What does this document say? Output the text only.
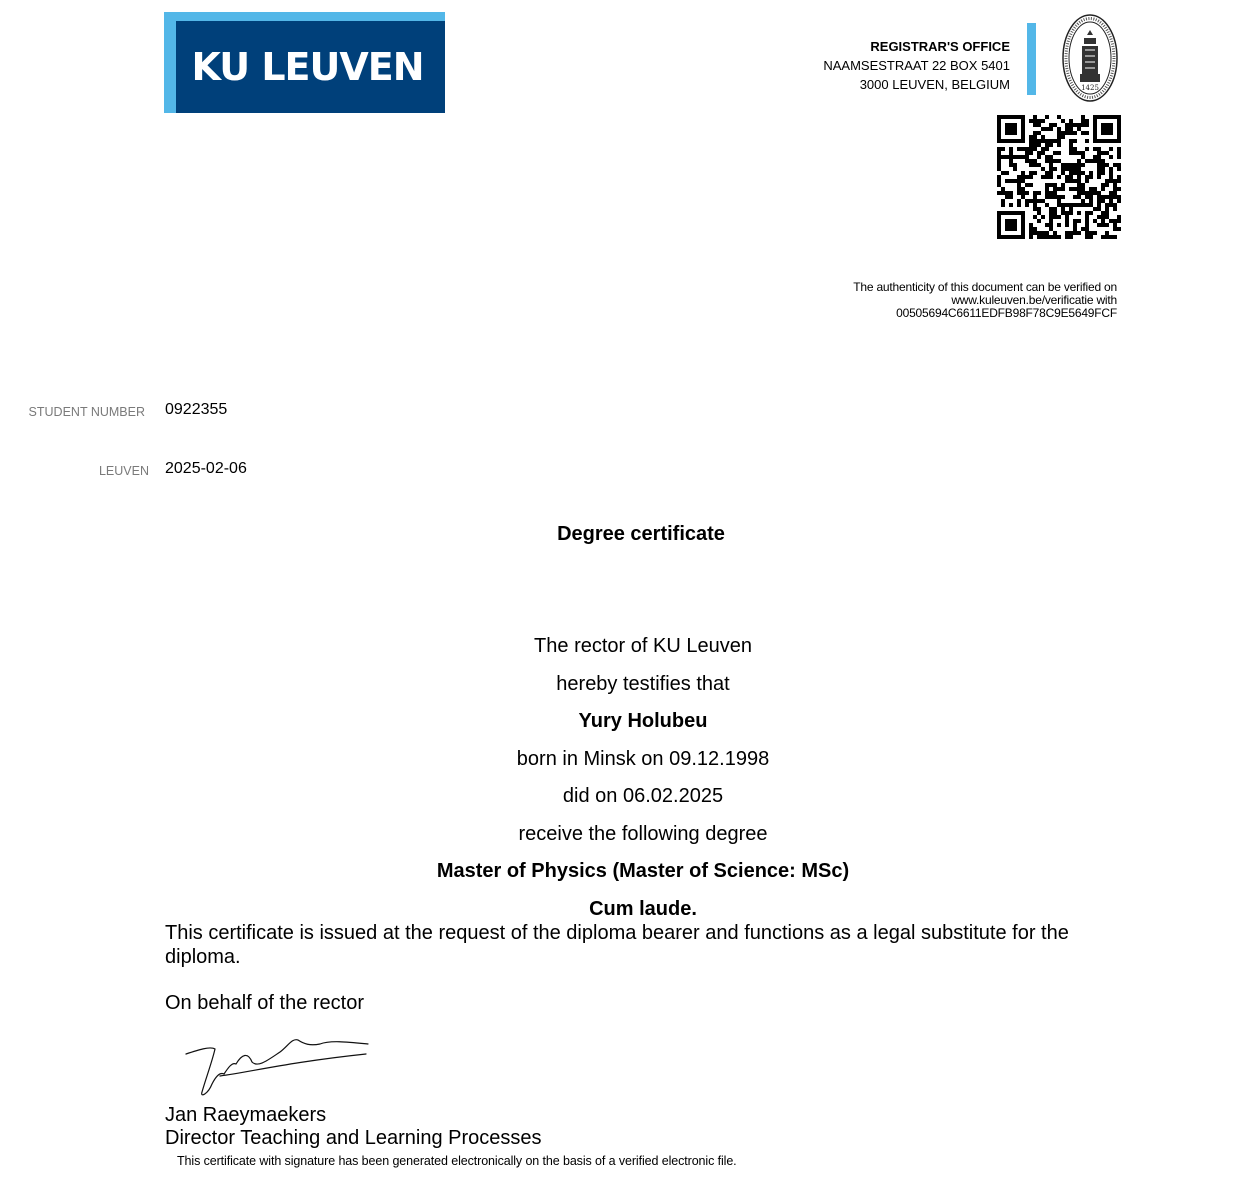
KU LEUVEN	REGISTRAR'S OFFICE
NAAMSESTRAAT 22 BOX 5401
3000 LEUVEN, BELGIUM	1425
The authenticity of this document can be verified on
www.kuleuven.be/verificatie with
00505694C6611EDFB98F78C9E5649FCF
STUDENT NUMBER 0922355
LEUVEN 2025-02-06
Degree certificate
The rector of KU Leuven
hereby testifies that
Yury Holubeu
born in Minsk on 09.12.1998
did on 06.02.2025
receive the following degree
Master of Physics (Master of Science: MSc)
Cum laude.
This certificate is issued at the request of the diploma bearer and functions as a legal substitute for the diploma.
On behalf of the rector
Jan Raeymaekers
Director Teaching and Learning Processes
This certificate with signature has been generated electronically on the basis of a verified electronic file.
